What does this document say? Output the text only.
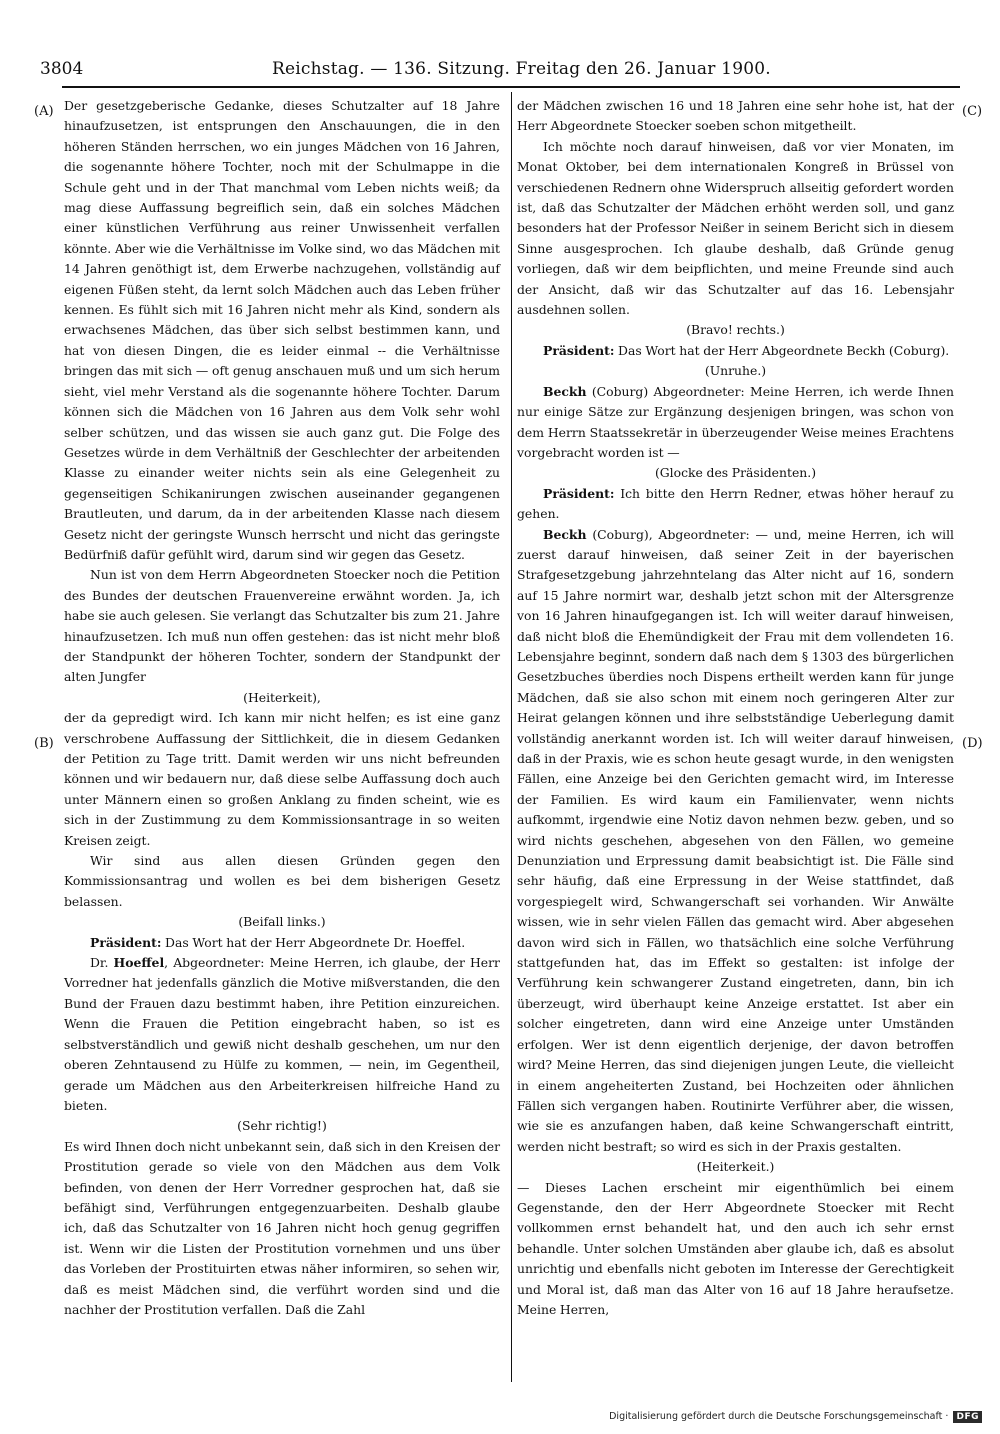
3804	Reichstag. — 136. Sitzung. Freitag den 26. Januar 1900.
(A)
(B)
(C)
(D)

Der gesetzgeberische Gedanke, dieses Schutzalter auf 18 Jahre hinaufzusetzen, ist entsprungen den Anschauungen, die in den höheren Ständen herrschen, wo ein junges Mädchen von 16 Jahren, die sogenannte höhere Tochter, noch mit der Schulmappe in die Schule geht und in der That manchmal vom Leben nichts weiß; da mag diese Auffassung begreiflich sein, daß ein solches Mädchen einer künstlichen Verführung aus reiner Unwissenheit verfallen könnte. Aber wie die Verhältnisse im Volke sind, wo das Mädchen mit 14 Jahren genöthigt ist, dem Erwerbe nachzugehen, vollständig auf eigenen Füßen steht, da lernt solch Mädchen auch das Leben früher kennen. Es fühlt sich mit 16 Jahren nicht mehr als Kind, sondern als erwachsenes Mädchen, das über sich selbst bestimmen kann, und hat von diesen Dingen, die es leider einmal -- die Verhältnisse bringen das mit sich — oft genug anschauen muß und um sich herum sieht, viel mehr Verstand als die sogenannte höhere Tochter. Darum können sich die Mädchen von 16 Jahren aus dem Volk sehr wohl selber schützen, und das wissen sie auch ganz gut. Die Folge des Gesetzes würde in dem Verhältniß der Geschlechter der arbeitenden Klasse zu einander weiter nichts sein als eine Gelegenheit zu gegenseitigen Schikanirungen zwischen auseinander gegangenen Brautleuten, und darum, da in der arbeitenden Klasse nach diesem Gesetz nicht der geringste Wunsch herrscht und nicht das geringste Bedürfniß dafür gefühlt wird, darum sind wir gegen das Gesetz.

Nun ist von dem Herrn Abgeordneten Stoecker noch die Petition des Bundes der deutschen Frauenvereine erwähnt worden. Ja, ich habe sie auch gelesen. Sie verlangt das Schutzalter bis zum 21. Jahre hinaufzusetzen. Ich muß nun offen gestehen: das ist nicht mehr bloß der Standpunkt der höheren Tochter, sondern der Standpunkt der alten Jungfer

(Heiterkeit),

der da gepredigt wird. Ich kann mir nicht helfen; es ist eine ganz verschrobene Auffassung der Sittlichkeit, die in diesem Gedanken der Petition zu Tage tritt. Damit werden wir uns nicht befreunden können und wir bedauern nur, daß diese selbe Auffassung doch auch unter Männern einen so großen Anklang zu finden scheint, wie es sich in der Zustimmung zu dem Kommissionsantrage in so weiten Kreisen zeigt.

Wir sind aus allen diesen Gründen gegen den Kommissionsantrag und wollen es bei dem bisherigen Gesetz belassen.

(Beifall links.)

Präsident: Das Wort hat der Herr Abgeordnete Dr. Hoeffel.

Dr. Hoeffel, Abgeordneter: Meine Herren, ich glaube, der Herr Vorredner hat jedenfalls gänzlich die Motive mißverstanden, die den Bund der Frauen dazu bestimmt haben, ihre Petition einzureichen. Wenn die Frauen die Petition eingebracht haben, so ist es selbstverständlich und gewiß nicht deshalb geschehen, um nur den oberen Zehntausend zu Hülfe zu kommen, — nein, im Gegentheil, gerade um Mädchen aus den Arbeiterkreisen hilfreiche Hand zu bieten.

(Sehr richtig!)

Es wird Ihnen doch nicht unbekannt sein, daß sich in den Kreisen der Prostitution gerade so viele von den Mädchen aus dem Volk befinden, von denen der Herr Vorredner gesprochen hat, daß sie befähigt sind, Verführungen entgegenzuarbeiten. Deshalb glaube ich, daß das Schutzalter von 16 Jahren nicht hoch genug gegriffen ist. Wenn wir die Listen der Prostitution vornehmen und uns über das Vorleben der Prostituirten etwas näher informiren, so sehen wir, daß es meist Mädchen sind, die verführt worden sind und die nachher der Prostitution verfallen. Daß die Zahl

der Mädchen zwischen 16 und 18 Jahren eine sehr hohe ist, hat der Herr Abgeordnete Stoecker soeben schon mitgetheilt.

Ich möchte noch darauf hinweisen, daß vor vier Monaten, im Monat Oktober, bei dem internationalen Kongreß in Brüssel von verschiedenen Rednern ohne Widerspruch allseitig gefordert worden ist, daß das Schutzalter der Mädchen erhöht werden soll, und ganz besonders hat der Professor Neißer in seinem Bericht sich in diesem Sinne ausgesprochen. Ich glaube deshalb, daß Gründe genug vorliegen, daß wir dem beipflichten, und meine Freunde sind auch der Ansicht, daß wir das Schutzalter auf das 16. Lebensjahr ausdehnen sollen.

(Bravo! rechts.)

Präsident: Das Wort hat der Herr Abgeordnete Beckh (Coburg).

(Unruhe.)

Beckh (Coburg) Abgeordneter: Meine Herren, ich werde Ihnen nur einige Sätze zur Ergänzung desjenigen bringen, was schon von dem Herrn Staatssekretär in überzeugender Weise meines Erachtens vorgebracht worden ist —

(Glocke des Präsidenten.)

Präsident: Ich bitte den Herrn Redner, etwas höher herauf zu gehen.

Beckh (Coburg), Abgeordneter: — und, meine Herren, ich will zuerst darauf hinweisen, daß seiner Zeit in der bayerischen Strafgesetzgebung jahrzehntelang das Alter nicht auf 16, sondern auf 15 Jahre normirt war, deshalb jetzt schon mit der Altersgrenze von 16 Jahren hinaufgegangen ist. Ich will weiter darauf hinweisen, daß nicht bloß die Ehemündigkeit der Frau mit dem vollendeten 16. Lebensjahre beginnt, sondern daß nach dem § 1303 des bürgerlichen Gesetzbuches überdies noch Dispens ertheilt werden kann für junge Mädchen, daß sie also schon mit einem noch geringeren Alter zur Heirat gelangen können und ihre selbstständige Ueberlegung damit vollständig anerkannt worden ist. Ich will weiter darauf hinweisen, daß in der Praxis, wie es schon heute gesagt wurde, in den wenigsten Fällen, eine Anzeige bei den Gerichten gemacht wird, im Interesse der Familien. Es wird kaum ein Familienvater, wenn nichts aufkommt, irgendwie eine Notiz davon nehmen bezw. geben, und so wird nichts geschehen, abgesehen von den Fällen, wo gemeine Denunziation und Erpressung damit beabsichtigt ist. Die Fälle sind sehr häufig, daß eine Erpressung in der Weise stattfindet, daß vorgespiegelt wird, Schwangerschaft sei vorhanden. Wir Anwälte wissen, wie in sehr vielen Fällen das gemacht wird. Aber abgesehen davon wird sich in Fällen, wo thatsächlich eine solche Verführung stattgefunden hat, das im Effekt so gestalten: ist infolge der Verführung kein schwangerer Zustand eingetreten, dann, bin ich überzeugt, wird überhaupt keine Anzeige erstattet. Ist aber ein solcher eingetreten, dann wird eine Anzeige unter Umständen erfolgen. Wer ist denn eigentlich derjenige, der davon betroffen wird? Meine Herren, das sind diejenigen jungen Leute, die vielleicht in einem angeheiterten Zustand, bei Hochzeiten oder ähnlichen Fällen sich vergangen haben. Routinirte Verführer aber, die wissen, wie sie es anzufangen haben, daß keine Schwangerschaft eintritt, werden nicht bestraft; so wird es sich in der Praxis gestalten.

(Heiterkeit.)

— Dieses Lachen erscheint mir eigenthümlich bei einem Gegenstande, den der Herr Abgeordnete Stoecker mit Recht vollkommen ernst behandelt hat, und den auch ich sehr ernst behandle. Unter solchen Umständen aber glaube ich, daß es absolut unrichtig und ebenfalls nicht geboten im Interesse der Gerechtigkeit und Moral ist, daß man das Alter von 16 auf 18 Jahre heraufsetze. Meine Herren,

Digitalisierung gefördert durch die Deutsche Forschungsgemeinschaft · DFG
